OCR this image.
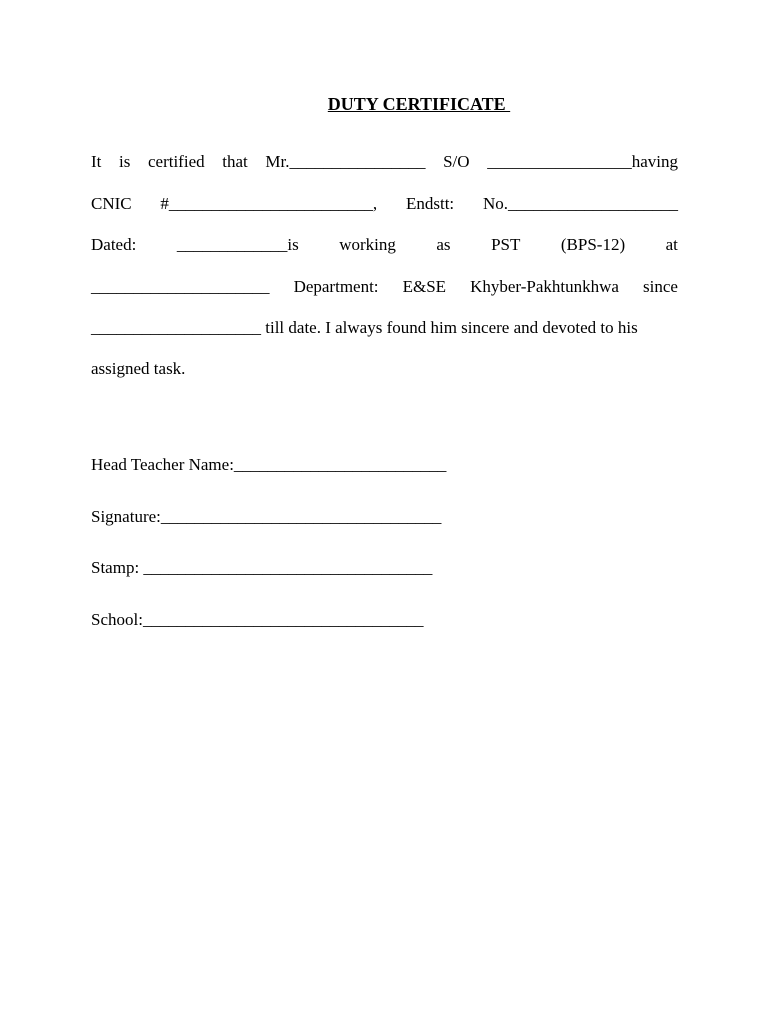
DUTY CERTIFICATE
It is certified that Mr.________________ S/O _________________having
CNIC #________________________, Endstt: No.____________________
Dated: _____________is working as PST (BPS-12) at
_____________________ Department: E&SE Khyber-Pakhtunkhwa since
____________________ till date. I always found him sincere and devoted to his
assigned task.
Head Teacher Name:_________________________
Signature:_________________________________
Stamp: __________________________________
School:_________________________________
